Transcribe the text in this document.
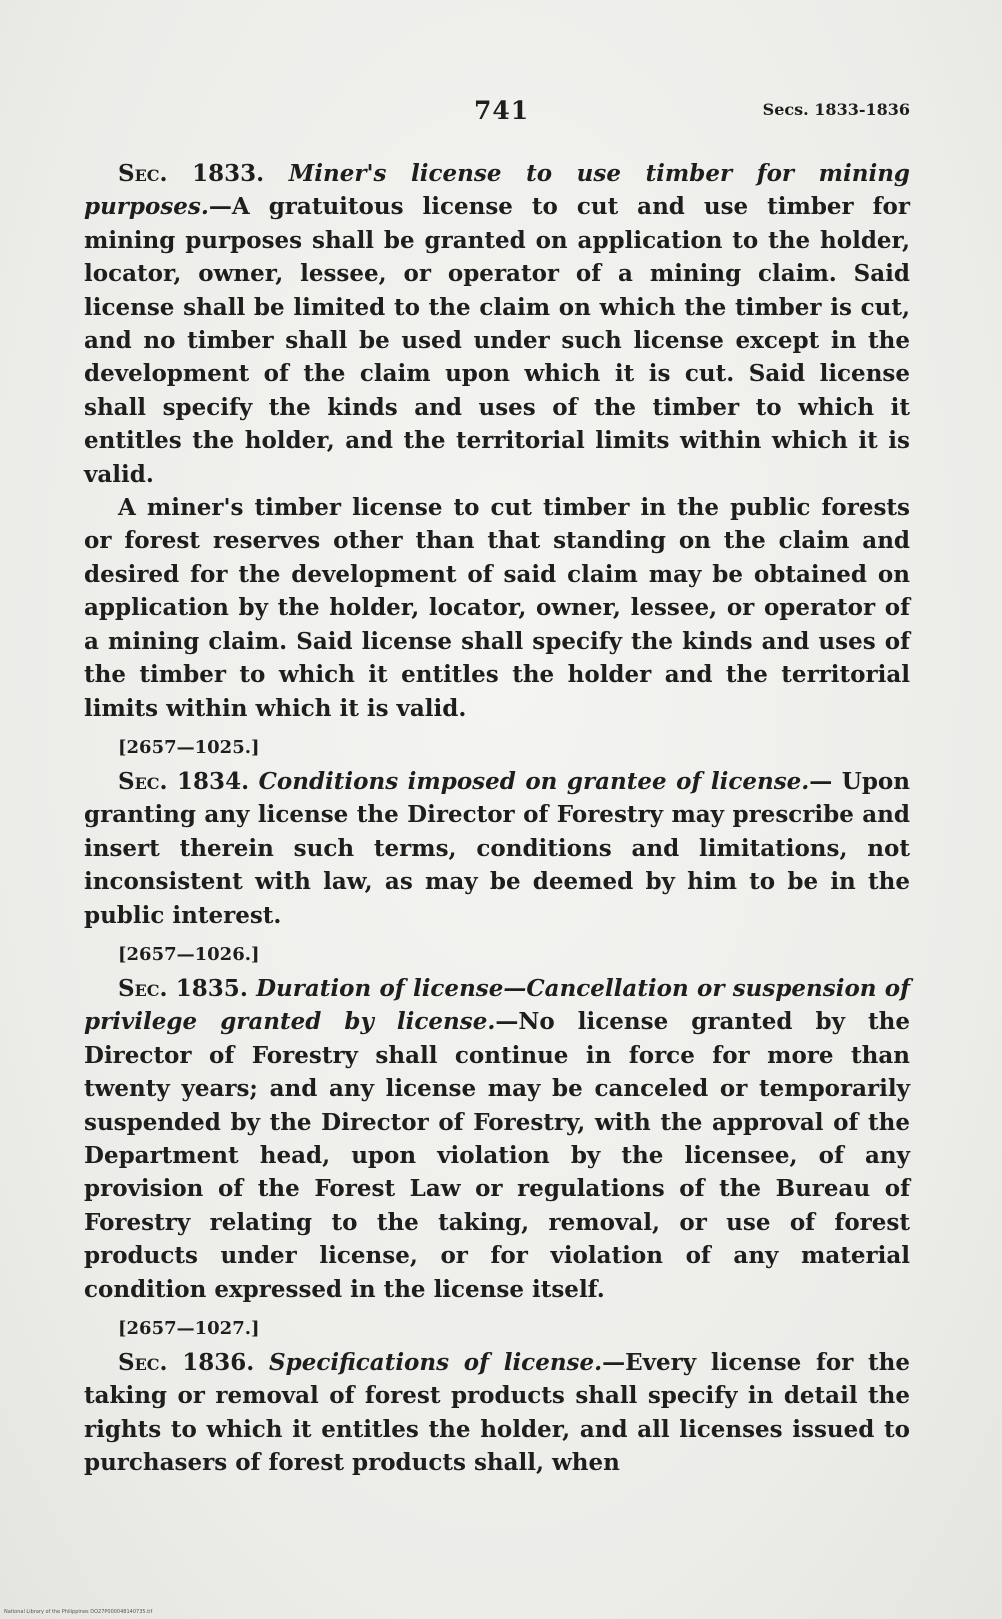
741	Secs. 1833-1836

Sec. 1833. Miner's license to use timber for mining purposes.—A gratuitous license to cut and use timber for mining purposes shall be granted on application to the holder, locator, owner, lessee, or operator of a mining claim. Said license shall be limited to the claim on which the timber is cut, and no timber shall be used under such license except in the development of the claim upon which it is cut. Said license shall specify the kinds and uses of the timber to which it entitles the holder, and the territorial limits within which it is valid.

A miner's timber license to cut timber in the public forests or forest reserves other than that standing on the claim and desired for the development of said claim may be obtained on application by the holder, locator, owner, lessee, or operator of a mining claim. Said license shall specify the kinds and uses of the timber to which it entitles the holder and the territorial limits within which it is valid.

[2657—1025.]

Sec. 1834. Conditions imposed on grantee of license.— Upon granting any license the Director of Forestry may prescribe and insert therein such terms, conditions and limitations, not inconsistent with law, as may be deemed by him to be in the public interest.

[2657—1026.]

Sec. 1835. Duration of license—Cancellation or suspension of privilege granted by license.—No license granted by the Director of Forestry shall continue in force for more than twenty years; and any license may be canceled or temporarily suspended by the Director of Forestry, with the approval of the Department head, upon violation by the licensee, of any provision of the Forest Law or regulations of the Bureau of Forestry relating to the taking, removal, or use of forest products under license, or for violation of any material condition expressed in the license itself.

[2657—1027.]

Sec. 1836. Specifications of license.—Every license for the taking or removal of forest products shall specify in detail the rights to which it entitles the holder, and all licenses issued to purchasers of forest products shall, when

National Library of the Philippines DO27P000048140735.tif
